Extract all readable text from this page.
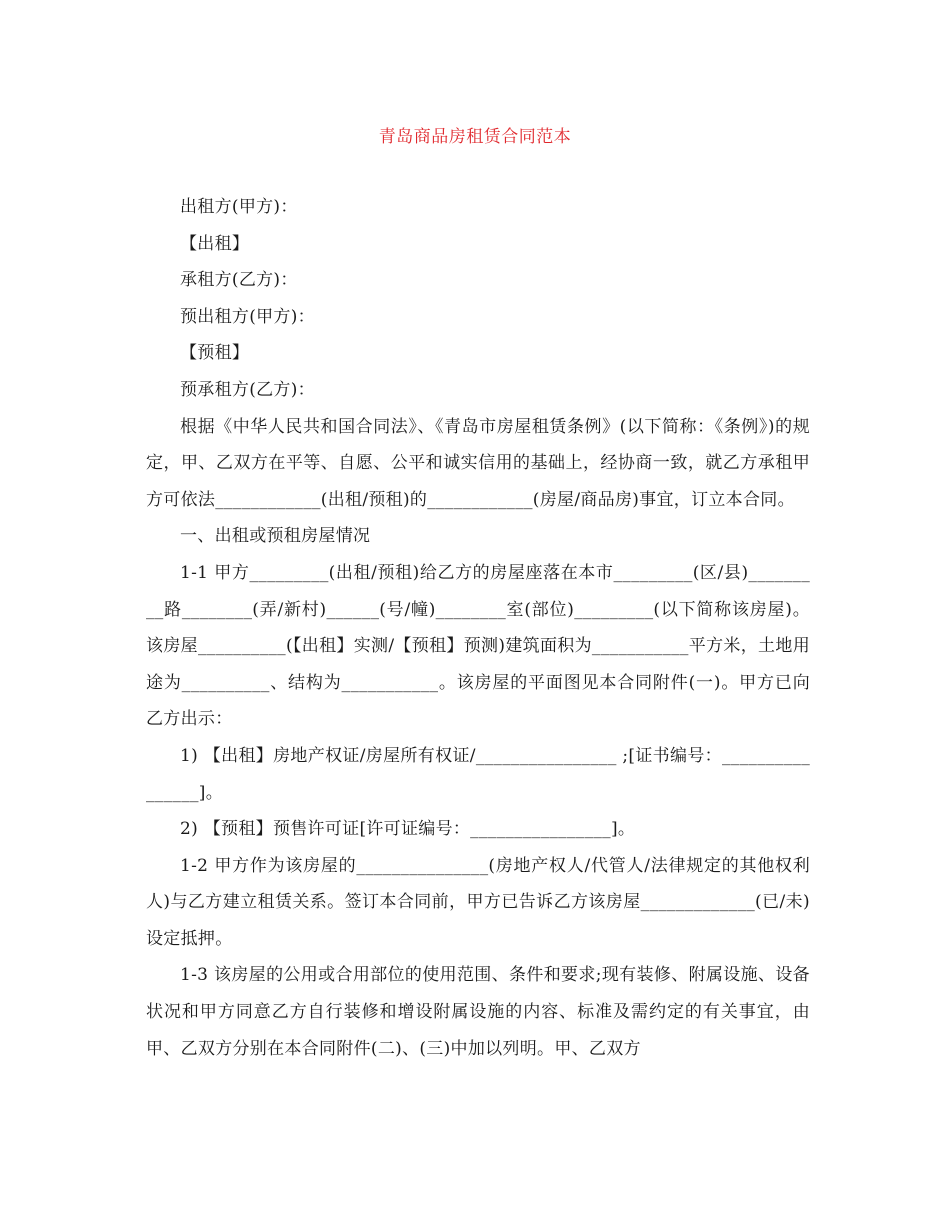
青岛商品房租赁合同范本

出租方(甲方)：

【出租】

承租方(乙方)：

预出租方(甲方)：

【预租】

预承租方(乙方)：

根据《中华人民共和国合同法》、《青岛市房屋租赁条例》(以下简称：《条例》)的规定，甲、乙双方在平等、自愿、公平和诚实信用的基础上，经协商一致，就乙方承租甲方可依法____________(出租/预租)的____________(房屋/商品房)事宜，订立本合同。

一、出租或预租房屋情况

1-1 甲方_________(出租/预租)给乙方的房屋座落在本市_________(区/县)_________路________(弄/新村)______(号/幢)________室(部位)_________(以下简称该房屋)。该房屋__________(【出租】实测/【预租】预测)建筑面积为___________平方米，土地用途为__________、结构为___________。该房屋的平面图见本合同附件(一)。甲方已向乙方出示：

1) 【出租】房地产权证/房屋所有权证/________________ ;[证书编号：________________]。

2) 【预租】预售许可证[许可证编号：________________]。

1-2 甲方作为该房屋的_______________(房地产权人/代管人/法律规定的其他权利人)与乙方建立租赁关系。签订本合同前，甲方已告诉乙方该房屋_____________(已/未)设定抵押。

1-3 该房屋的公用或合用部位的使用范围、条件和要求;现有装修、附属设施、设备状况和甲方同意乙方自行装修和增设附属设施的内容、标准及需约定的有关事宜，由甲、乙双方分别在本合同附件(二)、(三)中加以列明。甲、乙双方
